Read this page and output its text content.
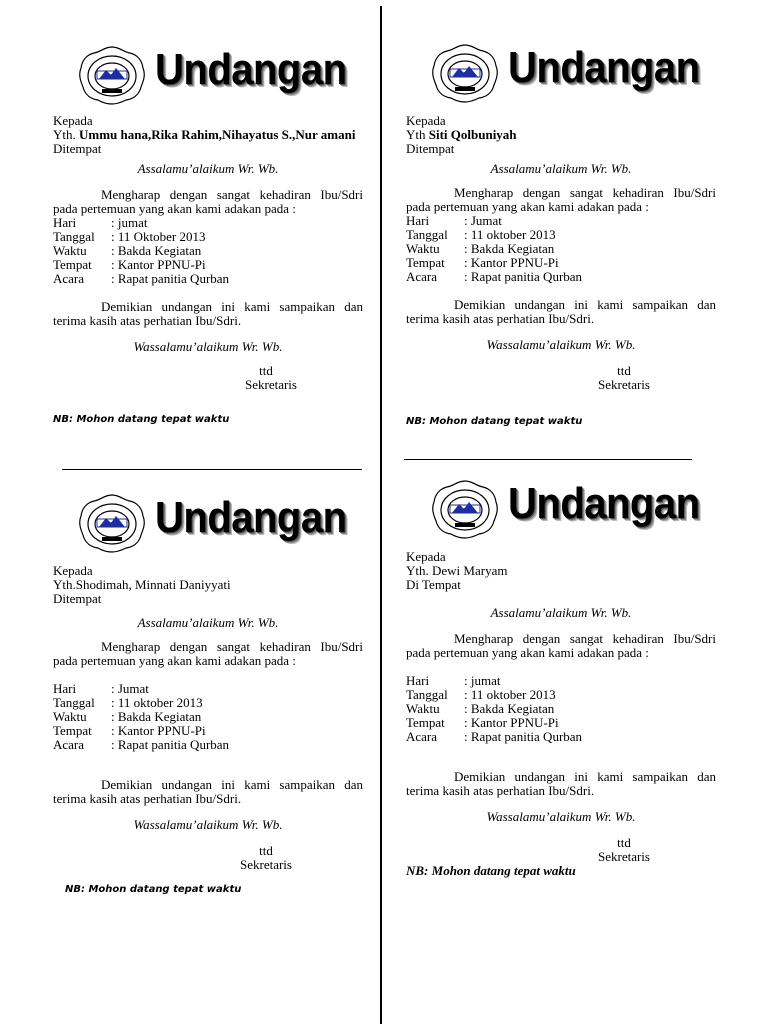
Undangan
Kepada
Yth. Ummu hana,Rika Rahim,Nihayatus S.,Nur amani
Ditempat

Assalamu’alaikum Wr. Wb.

Mengharap dengan sangat kehadiran Ibu/Sdri pada pertemuan yang akan kami adakan pada :

Hari	: jumat
Tanggal	: 11 Oktober 2013
Waktu	: Bakda Kegiatan
Tempat	: Kantor PPNU-Pi
Acara	: Rapat panitia Qurban

Demikian undangan ini kami sampaikan dan terima kasih atas perhatian Ibu/Sdri.

Wassalamu’alaikum Wr. Wb.

ttd
Sekretaris
NB: Mohon datang tepat waktu
Undangan
Kepada
Yth Siti Qolbuniyah
Ditempat

Assalamu’alaikum Wr. Wb.

Mengharap dengan sangat kehadiran Ibu/Sdri pada pertemuan yang akan kami adakan pada :

Hari	: Jumat
Tanggal	: 11 oktober 2013
Waktu	: Bakda Kegiatan
Tempat	: Kantor PPNU-Pi
Acara	: Rapat panitia Qurban

Demikian undangan ini kami sampaikan dan terima kasih atas perhatian Ibu/Sdri.

Wassalamu’alaikum Wr. Wb.

ttd
Sekretaris
NB: Mohon datang tepat waktu
Undangan
Kepada
Yth.Shodimah, Minnati Daniyyati
Ditempat

Assalamu’alaikum Wr. Wb.

Mengharap dengan sangat kehadiran Ibu/Sdri pada pertemuan yang akan kami adakan pada :

Hari	: Jumat
Tanggal	: 11 oktober 2013
Waktu	: Bakda Kegiatan
Tempat	: Kantor PPNU-Pi
Acara	: Rapat panitia Qurban

Demikian undangan ini kami sampaikan dan terima kasih atas perhatian Ibu/Sdri.

Wassalamu’alaikum Wr. Wb.

ttd
Sekretaris
NB: Mohon datang tepat waktu
Undangan
Kepada
Yth. Dewi Maryam
Di Tempat

Assalamu’alaikum Wr. Wb.

Mengharap dengan sangat kehadiran Ibu/Sdri pada pertemuan yang akan kami adakan pada :

Hari	: jumat
Tanggal	: 11 oktober 2013
Waktu	: Bakda Kegiatan
Tempat	: Kantor PPNU-Pi
Acara	: Rapat panitia Qurban

Demikian undangan ini kami sampaikan dan terima kasih atas perhatian Ibu/Sdri.

Wassalamu’alaikum Wr. Wb.

ttd
Sekretaris
NB: Mohon datang tepat waktu
